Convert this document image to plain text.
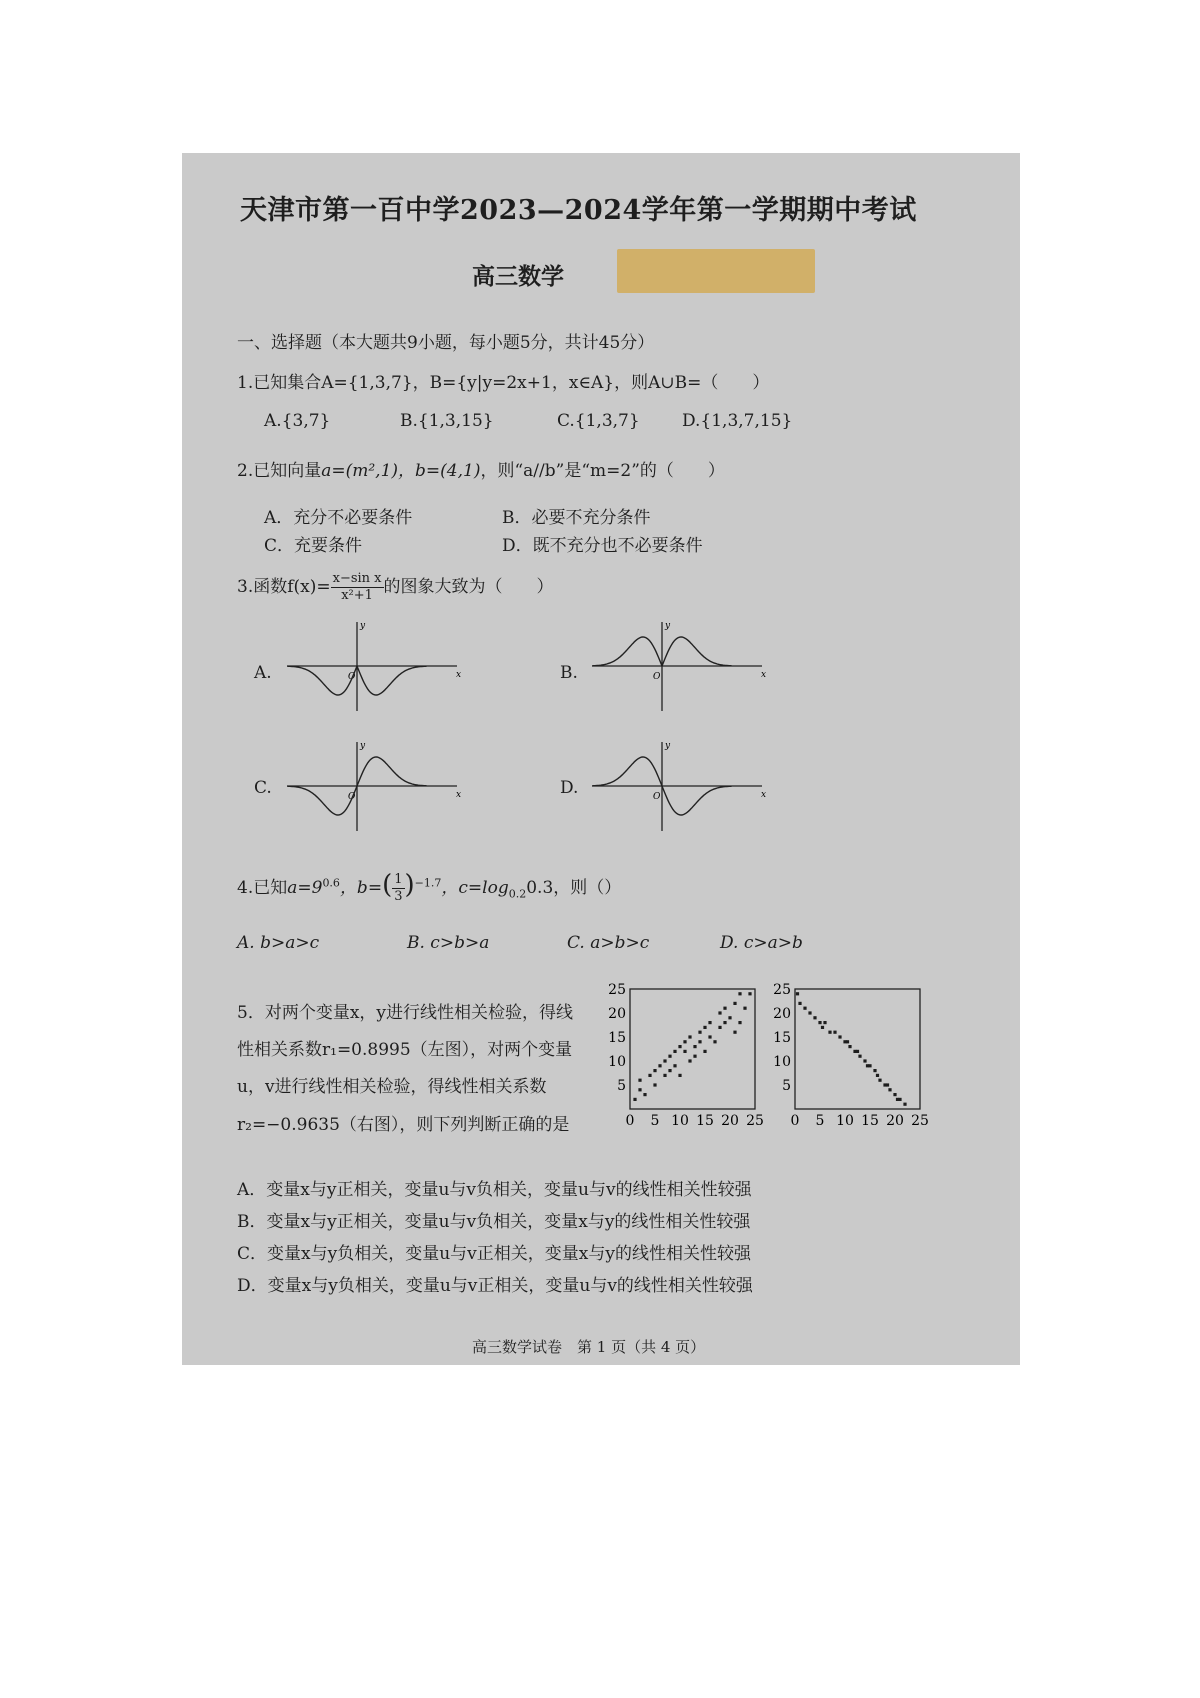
天津市第一百中学2023—2024学年第一学期期中考试
高三数学
一、选择题（本大题共9小题，每小题5分，共计45分）
1.已知集合A={1,3,7}，B={y|y=2x+1，x∈A}，则A∪B=（　　）
A.{3,7}	B.{1,3,15}	C.{1,3,7} D.{1,3,7,15}
2.已知向量a=(m²,1)，b=(4,1)，则“a//b”是“m=2”的（　　）
A．充分不必要条件	B．必要不充分条件
C．充要条件	D．既不充分也不必要条件
3.函数$f(x)= \frac{\text{x−sin x}}{\text{x²+1}}$ 的图象大致为（　　）
A.	B.
C.	D.
y
x
O
y
x
O
y
x
O
y
x
O
4.已知$a=9^{0.6}$，$b=( \frac{1}{3} )^{-1.7}$，$c=\log_{0.2}0.3$，则（）
A. b>a>c	B. c>b>a	C. a>b>c	D. c>a>b
5．对两个变量x，y进行线性相关检验，得线
性相关系数r₁=0.8995（左图），对两个变量
u，v进行线性相关检验，得线性相关系数
r₂=−0.9635（右图），则下列判断正确的是	0 5 10 15 20 25
5
10
15
20
25
0 5 10 15 20 25
5
10
15
20
25
A．变量x与y正相关，变量u与v负相关，变量u与v的线性相关性较强
B．变量x与y正相关，变量u与v负相关，变量x与y的线性相关性较强
C．变量x与y负相关，变量u与v正相关，变量x与y的线性相关性较强
D．变量x与y负相关，变量u与v正相关，变量u与v的线性相关性较强
高三数学试卷　第 1 页（共 4 页）
